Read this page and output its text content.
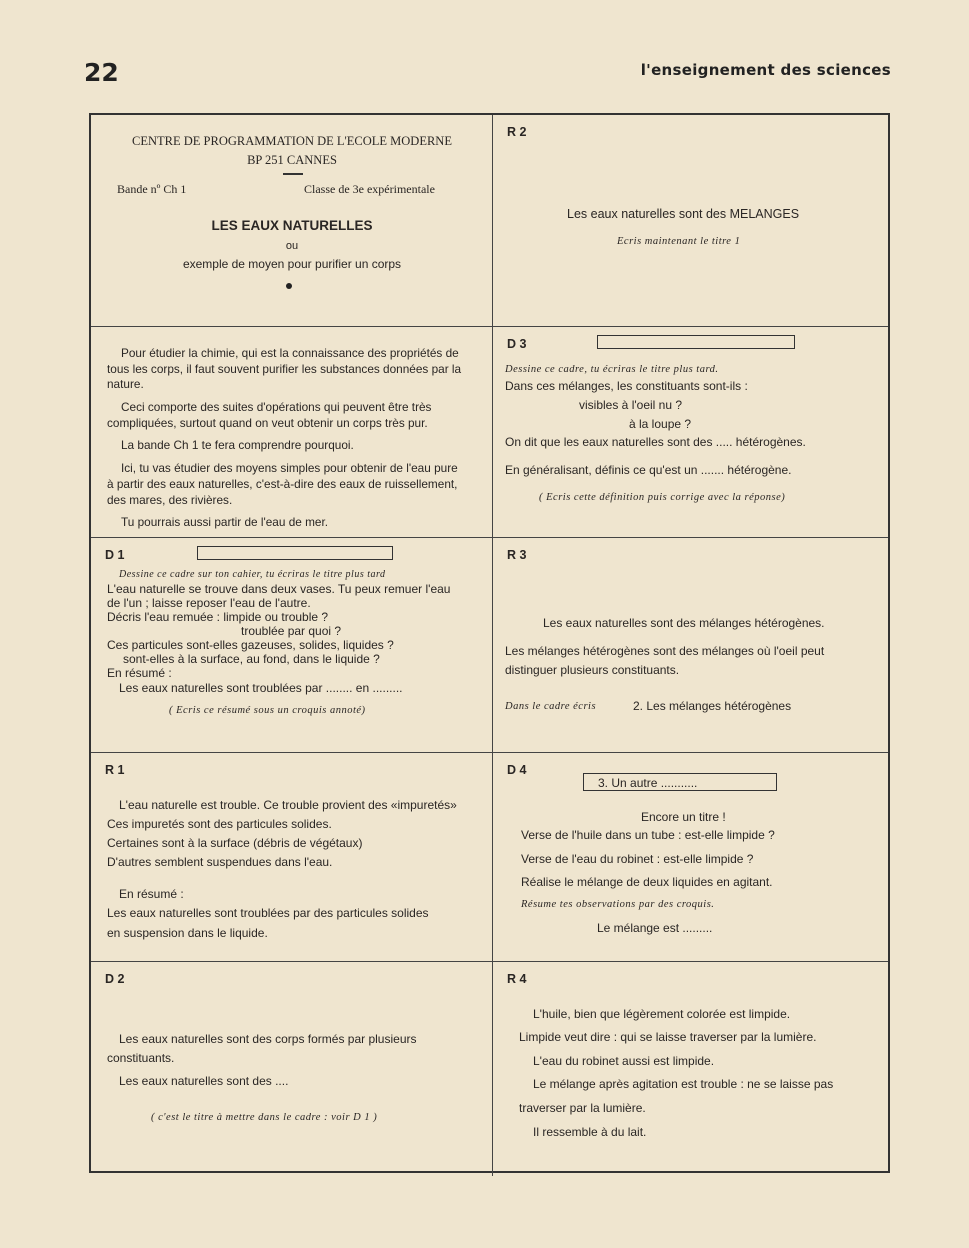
22	l'enseignement des sciences
CENTRE DE PROGRAMMATION DE L'ECOLE MODERNE
BP 251 CANNES
Bande nº Ch 1	Classe de 3e expérimentale
LES EAUX NATURELLES
ou
exemple de moyen pour purifier un corps
R 2
Les eaux naturelles sont des MELANGES
Ecris maintenant le titre 1

Pour étudier la chimie, qui est la connaissance des propriétés de tous les corps, il faut souvent purifier les substances données par la nature.

Ceci comporte des suites d'opérations qui peuvent être très compliquées, surtout quand on veut obtenir un corps très pur.

La bande Ch 1 te fera comprendre pourquoi.

Ici, tu vas étudier des moyens simples pour obtenir de l'eau pure à partir des eaux naturelles, c'est-à-dire des eaux de ruissellement, des mares, des rivières.

Tu pourrais aussi partir de l'eau de mer.

D 3
Dessine ce cadre, tu écriras le titre plus tard.
Dans ces mélanges, les constituants sont-ils :
visibles à l'oeil nu ?
à la loupe ?
On dit que les eaux naturelles sont des ..... hétérogènes.
En généralisant, définis ce qu'est un ....... hétérogène.
( Ecris cette définition puis corrige avec la réponse)
D 1
Dessine ce cadre sur ton cahier, tu écriras le titre plus tard
L'eau naturelle se trouve dans deux vases. Tu peux remuer l'eau
de l'un ; laisse reposer l'eau de l'autre.
Décris l'eau remuée : limpide ou trouble ?
troublée par quoi ?
Ces particules sont-elles gazeuses, solides, liquides ?
sont-elles à la surface, au fond, dans le liquide ?
En résumé :
Les eaux naturelles sont troublées par ........ en .........
( Ecris ce résumé sous un croquis annoté)
R 3
Les eaux naturelles sont des mélanges hétérogènes.
Les mélanges hétérogènes sont des mélanges où l'oeil peut
distinguer plusieurs constituants.
Dans le cadre écris	2. Les mélanges hétérogènes
R 1
L'eau naturelle est trouble. Ce trouble provient des «impuretés»
Ces impuretés sont des particules solides.
Certaines sont à la surface (débris de végétaux)
D'autres semblent suspendues dans l'eau.
En résumé :
Les eaux naturelles sont troublées par des particules solides
en suspension dans le liquide.
D 4
3. Un autre ...........
Encore un titre !
Verse de l'huile dans un tube : est-elle limpide ?
Verse de l'eau du robinet : est-elle limpide ?
Réalise le mélange de deux liquides en agitant.
Résume tes observations par des croquis.
Le mélange est .........
D 2
Les eaux naturelles sont des corps formés par plusieurs
constituants.
Les eaux naturelles sont des ....
( c'est le titre à mettre dans le cadre : voir D 1 )
R 4
L'huile, bien que légèrement colorée est limpide.
Limpide veut dire : qui se laisse traverser par la lumière.
L'eau du robinet aussi est limpide.
Le mélange après agitation est trouble : ne se laisse pas
traverser par la lumière.
Il ressemble à du lait.
